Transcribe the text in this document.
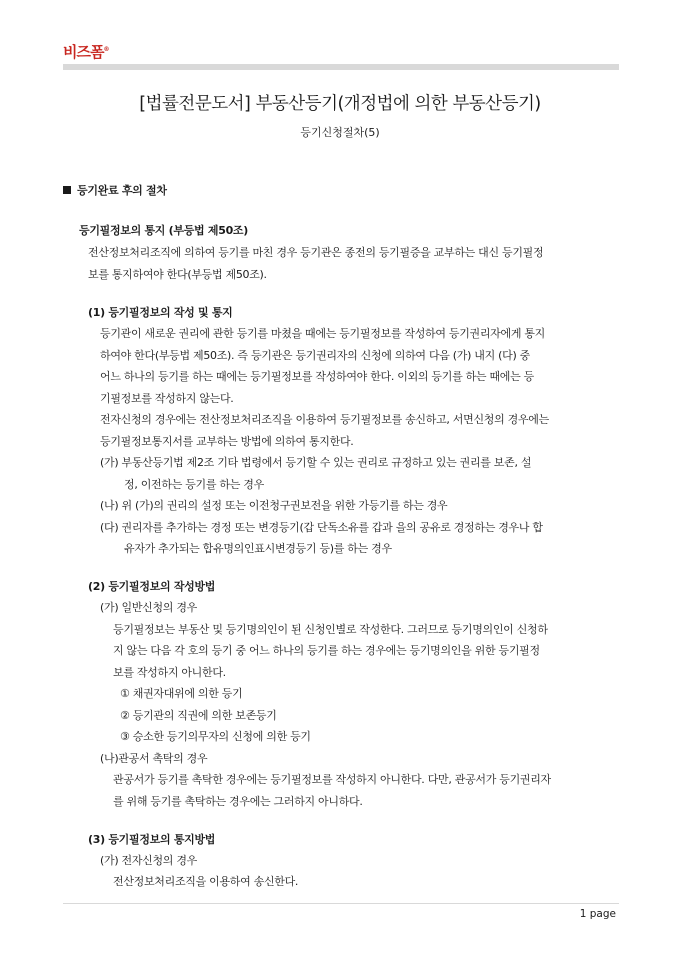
비즈폼®
[법률전문도서] 부동산등기(개정법에 의한 부동산등기)
등기신청절차(5)
등기완료 후의 절차
등기필정보의 통지 (부등법 제50조)
전산정보처리조직에 의하여 등기를 마친 경우 등기관은 종전의 등기필증을 교부하는 대신 등기필정
보를 통지하여야 한다(부등법 제50조).
(1) 등기필정보의 작성 및 통지
등기관이 새로운 권리에 관한 등기를 마쳤을 때에는 등기필정보를 작성하여 등기권리자에게 통지
하여야 한다(부등법 제50조). 즉 등기관은 등기권리자의 신청에 의하여 다음 (가) 내지 (다) 중
어느 하나의 등기를 하는 때에는 등기필정보를 작성하여야 한다. 이외의 등기를 하는 때에는 등
기필정보를 작성하지 않는다.
전자신청의 경우에는 전산정보처리조직을 이용하여 등기필정보를 송신하고, 서면신청의 경우에는
등기필정보통지서를 교부하는 방법에 의하여 통지한다.
(가) 부동산등기법 제2조 기타 법령에서 등기할 수 있는 권리로 규정하고 있는 권리를 보존, 설
정, 이전하는 등기를 하는 경우
(나) 위 (가)의 권리의 설정 또는 이전청구권보전을 위한 가등기를 하는 경우
(다) 권리자를 추가하는 경정 또는 변경등기(갑 단독소유를 갑과 을의 공유로 경정하는 경우나 합
유자가 추가되는 합유명의인표시변경등기 등)를 하는 경우
(2) 등기필정보의 작성방법
(가) 일반신청의 경우
등기필정보는 부동산 및 등기명의인이 된 신청인별로 작성한다. 그러므로 등기명의인이 신청하
지 않는 다음 각 호의 등기 중 어느 하나의 등기를 하는 경우에는 등기명의인을 위한 등기필정
보를 작성하지 아니한다.
① 채권자대위에 의한 등기
② 등기관의 직권에 의한 보존등기
③ 승소한 등기의무자의 신청에 의한 등기
(나)관공서 촉탁의 경우
관공서가 등기를 촉탁한 경우에는 등기필정보를 작성하지 아니한다. 다만, 관공서가 등기권리자
를 위해 등기를 촉탁하는 경우에는 그러하지 아니하다.
(3) 등기필정보의 통지방법
(가) 전자신청의 경우
전산정보처리조직을 이용하여 송신한다.
1 page
